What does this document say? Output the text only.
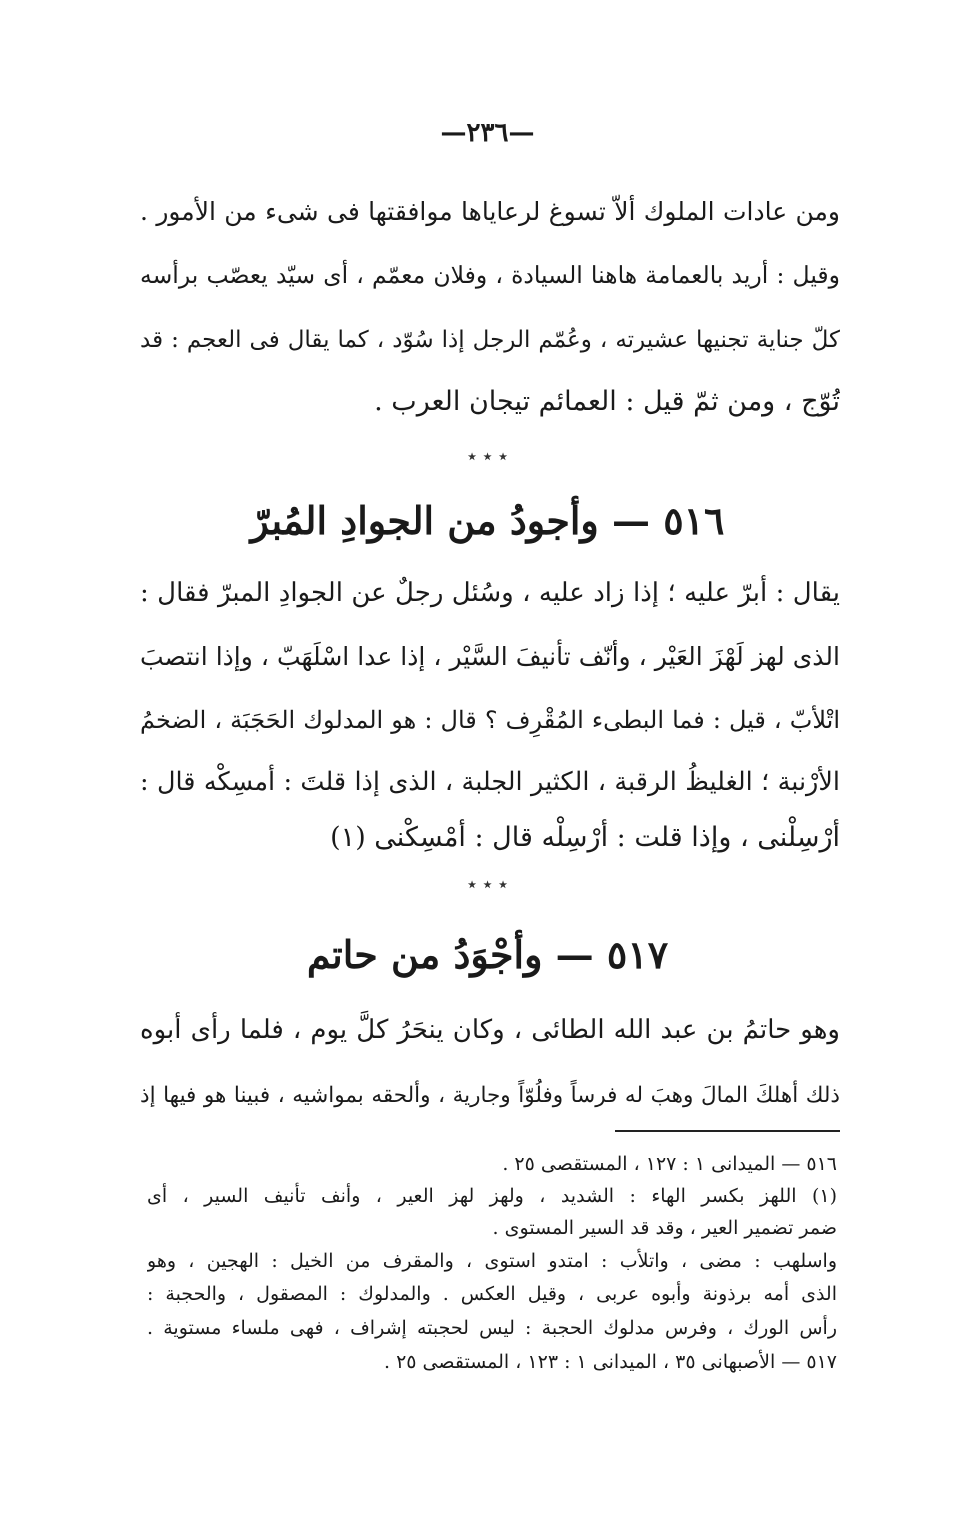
—٢٣٦—
ومن عادات الملوك ألاّ تسوغ لرعاياها موافقتها فى شىء من الأمور .
وقيل : أريد بالعمامة هاهنا السيادة ، وفلان معمّم ، أى سيّد يعصّب برأسه
كلّ جناية تجنيها عشيرته ، وعُمّم الرجل إذا سُوّد ، كما يقال فى العجم : قد
تُوّج ، ومن ثمّ قيل : العمائم تيجان العرب .
٭ ٭ ٭
٥١٦ — وأجودُ من الجوادِ المُبرّ
يقال : أبرّ عليه ؛ إذا زاد عليه ، وسُئل رجلٌ عن الجوادِ المبرّ فقال :
الذى لهز لَهْزَ العَيْر ، وأنّف تأنيفَ السَّيْر ، إذا عدا اسْلَهَبّ ، وإذا انتصبَ
اتْلأبّ ، قيل : فما البطىء المُقْرِف ؟ قال : هو المدلوك الحَجَبَة ، الضخمُ
الأرْنبة ؛ الغليظُ الرقبة ، الكثير الجلبة ، الذى إذا قلتَ : أمسِكْه قال :
أرْسِلْنى ، وإذا قلت : أرْسِلْه قال : أمْسِكْنى (١)
٭ ٭ ٭
٥١٧ — وأجْوَدُ من حاتم
وهو حاتمُ بن عبد الله الطائى ، وكان ينحَرُ كلَّ يوم ، فلما رأى أبوه
ذلك أهلكَ المالَ وهبَ له فرساً وفلُوّاً وجارية ، وألحقه بمواشيه ، فبينا هو فيها إذ
٥١٦ — الميدانى ١ : ١٢٧ ، المستقصى ٢٥ .
(١) اللهز بكسر الهاء : الشديد ، ولهز لهز العير ، وأنف تأنيف السير ، أى
ضمر تضمير العير ، وقد قد السير المستوى .
واسلهب : مضى ، واتلأب : امتدو استوى ، والمقرف من الخيل : الهجين ، وهو
الذى أمه برذونة وأبوه عربى ، وقيل العكس . والمدلوك : المصقول ، والحجبة :
رأس الورك ، وفرس مدلوك الحجبة : ليس لحجبته إشراف ، فهى ملساء مستوية .
٥١٧ — الأصبهانى ٣٥ ، الميدانى ١ : ١٢٣ ، المستقصى ٢٥ .
